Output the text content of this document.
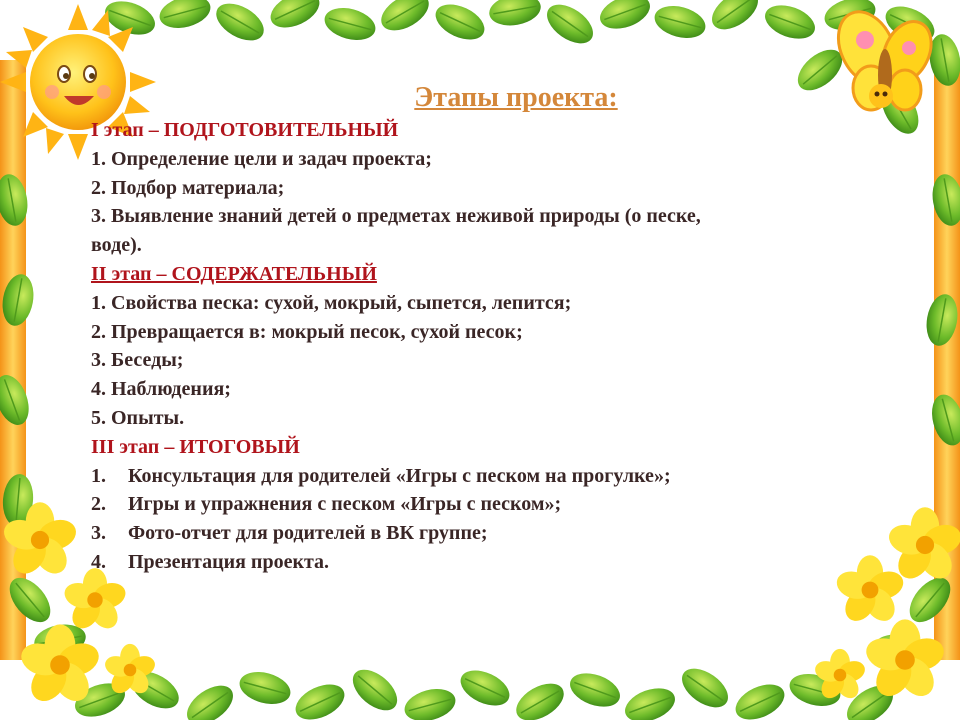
Этапы проекта:
I этап – ПОДГОТОВИТЕЛЬНЫЙ
1. Определение цели и задач проекта;
2. Подбор материала;
3. Выявление знаний детей о предметах неживой природы (о песке,
воде).
II этап – СОДЕРЖАТЕЛЬНЫЙ
1. Свойства песка: сухой, мокрый, сыпется, лепится;
2. Превращается в: мокрый песок, сухой песок;
3. Беседы;
4. Наблюдения;
5. Опыты.
III этап – ИТОГОВЫЙ
1. Консультация для родителей «Игры с песком на прогулке»;
2. Игры и упражнения с песком «Игры с песком»;
3. Фото-отчет для родителей в ВК группе;
4. Презентация проекта.
